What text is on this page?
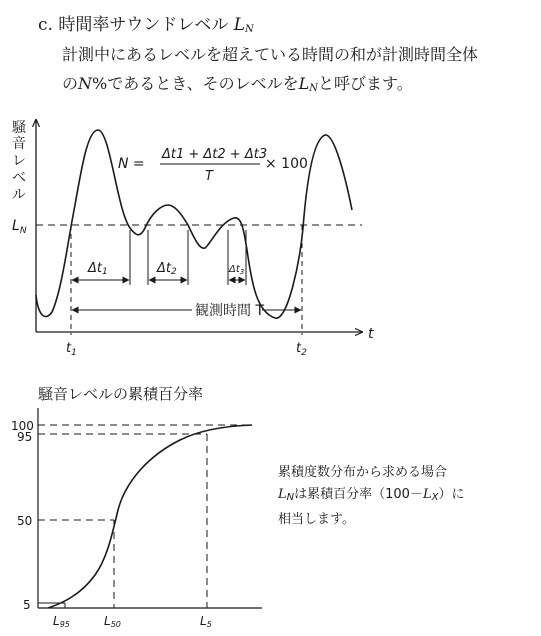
c. 時間率サウンドレベル $L_N$
計測中にあるレベルを超えている時間の和が計測時間全体
のN%であるとき、そのレベルを$L_N$と呼びます。
騒
音
レ
ベ
ル
$L_N$
Δt1	Δt2	$\Delta t_3$
観測時間 T
N =
Δt1 + Δt2 + Δt3
T
× 100
t
$t_1$	$t_2$
100
95
50
5
L95	L50	L5
騒音レベルの累積百分率
累積度数分布から求める場合
$L_N$は累積百分率$(100-L_X)$に
相当します。
